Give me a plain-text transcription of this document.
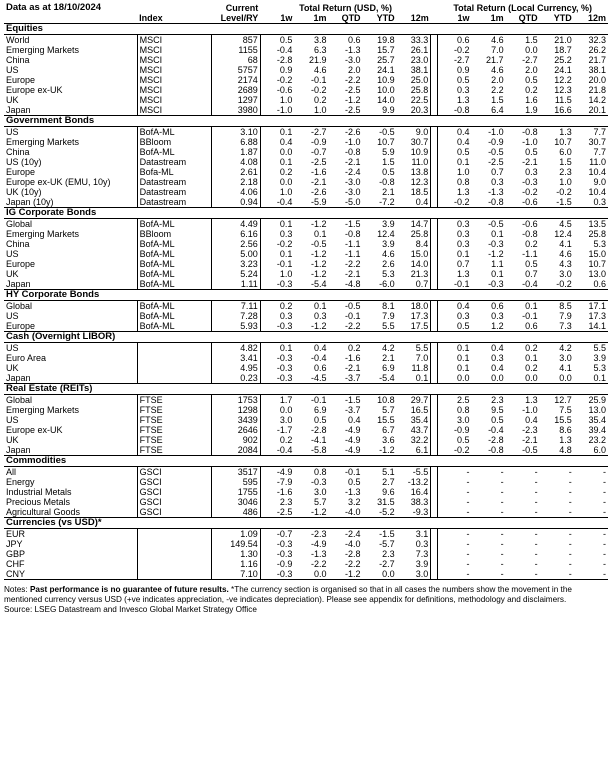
Data as at 18/10/2024		Current	Total Return (USD, %)						Total Return (Local Currency, %)				
	Index	Level/RY	1w	1m	QTD	YTD	12m		1w	1m	QTD	YTD	12m
Equities													
World	MSCI	857	0.5	3.8	0.6	19.8	33.3		0.6	4.6	1.5	21.0	32.3
Emerging Markets	MSCI	1155	-0.4	6.3	-1.3	15.7	26.1		-0.2	7.0	0.0	18.7	26.2
China	MSCI	68	-2.8	21.9	-3.0	25.7	23.0		-2.7	21.7	-2.7	25.2	21.7
US	MSCI	5757	0.9	4.6	2.0	24.1	38.1		0.9	4.6	2.0	24.1	38.1
Europe	MSCI	2174	-0.2	-0.1	-2.2	10.9	25.0		0.5	2.0	0.5	12.2	20.0
Europe ex-UK	MSCI	2689	-0.6	-0.2	-2.5	10.0	25.8		0.3	2.2	0.2	12.3	21.8
UK	MSCI	1297	1.0	0.2	-1.2	14.0	22.5		1.3	1.5	1.6	11.5	14.2
Japan	MSCI	3980	-1.0	1.0	-2.5	9.9	20.3		-0.8	6.4	1.9	16.6	20.1
Government Bonds													
US	BofA-ML	3.10	0.1	-2.7	-2.6	-0.5	9.0		0.4	-1.0	-0.8	1.3	7.7
Emerging Markets	BBloom	6.88	0.4	-0.9	-1.0	10.7	30.7		0.4	-0.9	-1.0	10.7	30.7
China	BofA-ML	1.87	0.0	-0.7	-0.8	5.9	10.9		0.5	-0.5	0.5	6.0	7.7
US (10y)	Datastream	4.08	0.1	-2.5	-2.1	1.5	11.0		0.1	-2.5	-2.1	1.5	11.0
Europe	Bofa-ML	2.61	0.2	-1.6	-2.4	0.5	13.8		1.0	0.7	0.3	2.3	10.4
Europe ex-UK (EMU, 10y)	Datastream	2.18	0.0	-2.1	-3.0	-0.8	12.3		0.8	0.3	-0.3	1.0	9.0
UK (10y)	Datastream	4.06	1.0	-2.6	-3.0	2.1	18.5		1.3	-1.3	-0.2	-0.2	10.4
Japan (10y)	Datastream	0.94	-0.4	-5.9	-5.0	-7.2	0.4		-0.2	-0.8	-0.6	-1.5	0.3
IG Corporate Bonds													
Global	BofA-ML	4.49	0.1	-1.2	-1.5	3.9	14.7		0.3	-0.5	-0.6	4.5	13.5
Emerging Markets	BBloom	6.16	0.3	0.1	-0.8	12.4	25.8		0.3	0.1	-0.8	12.4	25.8
China	BofA-ML	2.56	-0.2	-0.5	-1.1	3.9	8.4		0.3	-0.3	0.2	4.1	5.3
US	BofA-ML	5.00	0.1	-1.2	-1.1	4.6	15.0		0.1	-1.2	-1.1	4.6	15.0
Europe	BofA-ML	3.23	-0.1	-1.2	-2.2	2.6	14.0		0.7	1.1	0.5	4.3	10.7
UK	BofA-ML	5.24	1.0	-1.2	-2.1	5.3	21.3		1.3	0.1	0.7	3.0	13.0
Japan	BofA-ML	1.11	-0.3	-5.4	-4.8	-6.0	0.7		-0.1	-0.3	-0.4	-0.2	0.6
HY Corporate Bonds													
Global	BofA-ML	7.11	0.2	0.1	-0.5	8.1	18.0		0.4	0.6	0.1	8.5	17.1
US	BofA-ML	7.28	0.3	0.3	-0.1	7.9	17.3		0.3	0.3	-0.1	7.9	17.3
Europe	BofA-ML	5.93	-0.3	-1.2	-2.2	5.5	17.5		0.5	1.2	0.6	7.3	14.1
Cash (Overnight LIBOR)													
US		4.82	0.1	0.4	0.2	4.2	5.5		0.1	0.4	0.2	4.2	5.5
Euro Area		3.41	-0.3	-0.4	-1.6	2.1	7.0		0.1	0.3	0.1	3.0	3.9
UK		4.95	-0.3	0.6	-2.1	6.9	11.8		0.1	0.4	0.2	4.1	5.3
Japan		0.23	-0.3	-4.5	-3.7	-5.4	0.1		0.0	0.0	0.0	0.0	0.1
Real Estate (REITs)													
Global	FTSE	1753	1.7	-0.1	-1.5	10.8	29.7		2.5	2.3	1.3	12.7	25.9
Emerging Markets	FTSE	1298	0.0	6.9	-3.7	5.7	16.5		0.8	9.5	-1.0	7.5	13.0
US	FTSE	3439	3.0	0.5	0.4	15.5	35.4		3.0	0.5	0.4	15.5	35.4
Europe ex-UK	FTSE	2646	-1.7	-2.8	-4.9	6.7	43.7		-0.9	-0.4	-2.3	8.6	39.4
UK	FTSE	902	0.2	-4.1	-4.9	3.6	32.2		0.5	-2.8	-2.1	1.3	23.2
Japan	FTSE	2084	-0.4	-5.8	-4.9	-1.2	6.1		-0.2	-0.8	-0.5	4.8	6.0
Commodities													
All	GSCI	3517	-4.9	0.8	-0.1	5.1	-5.5		-	-	-	-	-
Energy	GSCI	595	-7.9	-0.3	0.5	2.7	-13.2		-	-	-	-	-
Industrial Metals	GSCI	1755	-1.6	3.0	-1.3	9.6	16.4		-	-	-	-	-
Precious Metals	GSCI	3046	2.3	5.7	3.2	31.5	38.3		-	-	-	-	-
Agricultural Goods	GSCI	486	-2.5	-1.2	-4.0	-5.2	-9.3		-	-	-	-	-
Currencies (vs USD)*													
EUR		1.09	-0.7	-2.3	-2.4	-1.5	3.1		-	-	-	-	-
JPY		149.54	-0.3	-4.9	-4.0	-5.7	0.3		-	-	-	-	-
GBP		1.30	-0.3	-1.3	-2.8	2.3	7.3		-	-	-	-	-
CHF		1.16	-0.9	-2.2	-2.2	-2.7	3.9		-	-	-	-	-
CNY		7.10	-0.3	0.0	-1.2	0.0	3.0		-	-	-	-	-
Notes: Past performance is no guarantee of future results. *The currency section is organised so that in all cases the numbers show the movement in the mentioned currency versus USD (+ve indicates appreciation, -ve indicates depreciation). Please see appendix for definitions, methodology and disclaimers.
Source: LSEG Datastream and Invesco Global Market Strategy Office
